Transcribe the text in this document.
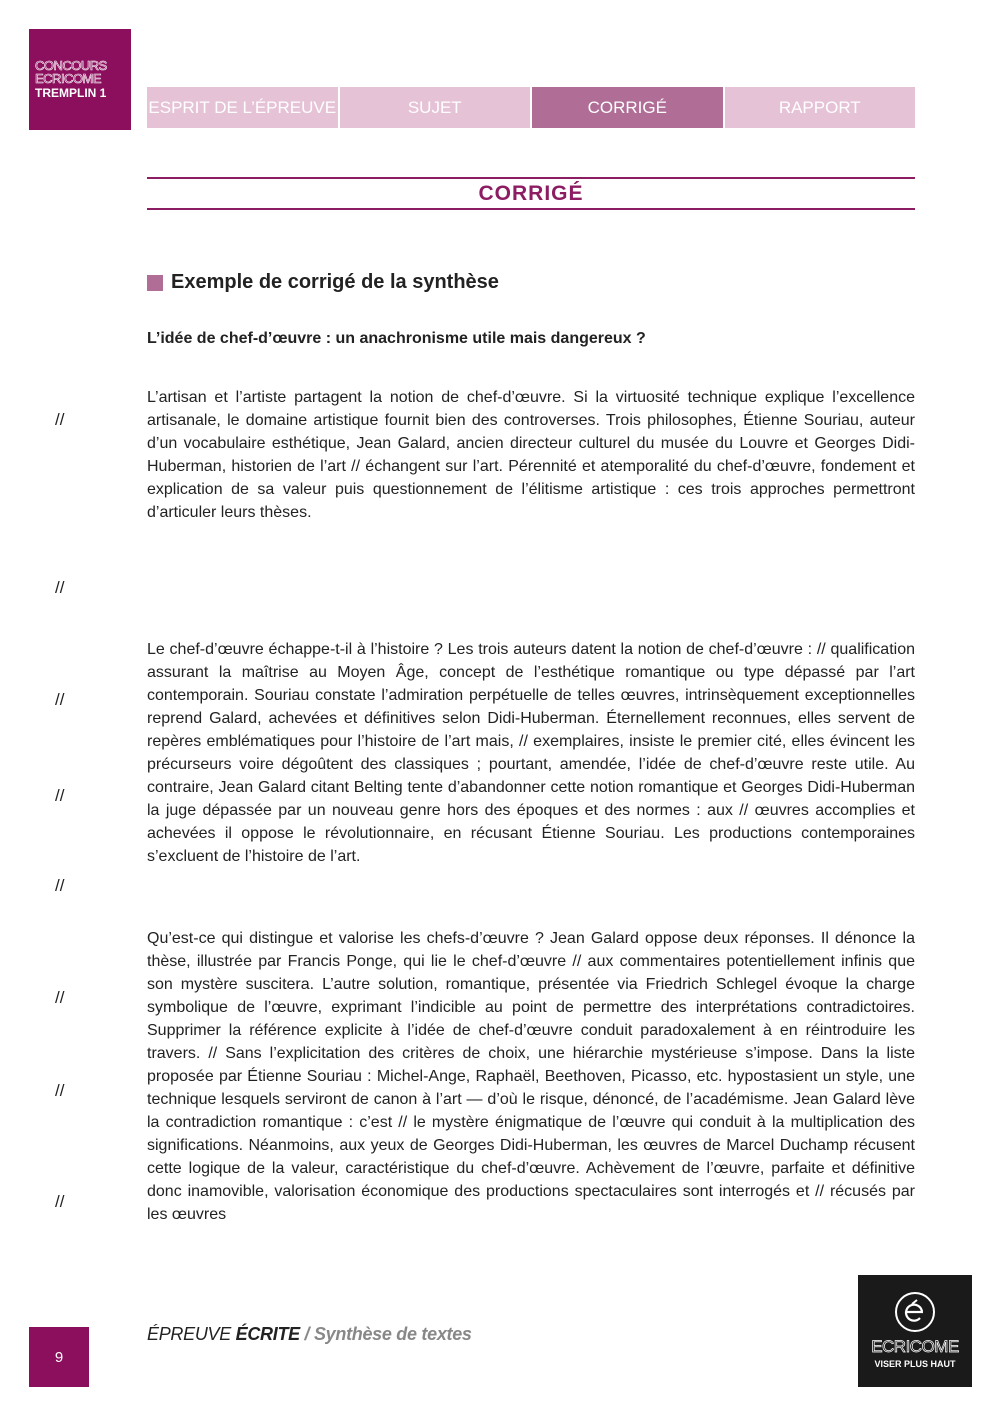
CONCOURS
ECRICOME
TREMPLIN 1
ESPRIT DE L’ÉPREUVE	SUJET	CORRIGÉ	RAPPORT
CORRIGÉ
Exemple de corrigé de la synthèse
L’idée de chef-d’œuvre : un anachronisme utile mais dangereux ?
L’artisan et l’artiste partagent la notion de chef-d’œuvre. Si la virtuosité technique explique l’excellence artisanale, le domaine artistique fournit bien des controverses. Trois philosophes, Étienne Souriau, auteur d’un vocabulaire esthétique, Jean Galard, ancien directeur culturel du musée du Louvre et Georges Didi-Huberman, historien de l’art // échangent sur l’art. Pérennité et atemporalité du chef-d’œuvre, fondement et explication de sa valeur puis questionnement de l’élitisme artistique : ces trois approches permettront d’articuler leurs thèses.
Le chef-d’œuvre échappe-t-il à l’histoire ? Les trois auteurs datent la notion de chef-d’œuvre : // qualification assurant la maîtrise au Moyen Âge, concept de l’esthétique romantique ou type dépassé par l’art contemporain. Souriau constate l’admiration perpétuelle de telles œuvres, intrinsèquement exceptionnelles reprend Galard, achevées et définitives selon Didi-Huberman. Éternellement reconnues, elles servent de repères emblématiques pour l’histoire de l’art mais, // exemplaires, insiste le premier cité, elles évincent les précurseurs voire dégoûtent des classiques ; pourtant, amendée, l’idée de chef-d’œuvre reste utile. Au contraire, Jean Galard citant Belting tente d’abandonner cette notion romantique et Georges Didi-Huberman la juge dépassée par un nouveau genre hors des époques et des normes : aux // œuvres accomplies et achevées il oppose le révolutionnaire, en récusant Étienne Souriau. Les productions contemporaines s’excluent de l’histoire de l’art.
Qu’est-ce qui distingue et valorise les chefs-d’œuvre ? Jean Galard oppose deux réponses. Il dénonce la thèse, illustrée par Francis Ponge, qui lie le chef-d’œuvre // aux commentaires potentiellement infinis que son mystère suscitera. L’autre solution, romantique, présentée via Friedrich Schlegel évoque la charge symbolique de l’œuvre, exprimant l’indicible au point de permettre des interprétations contradictoires. Supprimer la référence explicite à l’idée de chef-d’œuvre conduit paradoxalement à en réintroduire les travers. // Sans l’explicitation des critères de choix, une hiérarchie mystérieuse s’impose. Dans la liste proposée par Étienne Souriau : Michel-Ange, Raphaël, Beethoven, Picasso, etc. hypostasient un style, une technique lesquels serviront de canon à l’art — d’où le risque, dénoncé, de l’académisme. Jean Galard lève la contradiction romantique : c’est // le mystère énigmatique de l’œuvre qui conduit à la multiplication des significations. Néanmoins, aux yeux de Georges Didi-Huberman, les œuvres de Marcel Duchamp récusent cette logique de la valeur, caractéristique du chef-d’œuvre. Achèvement de l’œuvre, parfaite et définitive donc inamovible, valorisation économique des productions spectaculaires sont interrogés et // récusés par les œuvres
//
//
//
//
//
//
//
//
ÉPREUVE ÉCRITE / Synthèse de textes
9
ECRICOME
VISER PLUS HAUT
